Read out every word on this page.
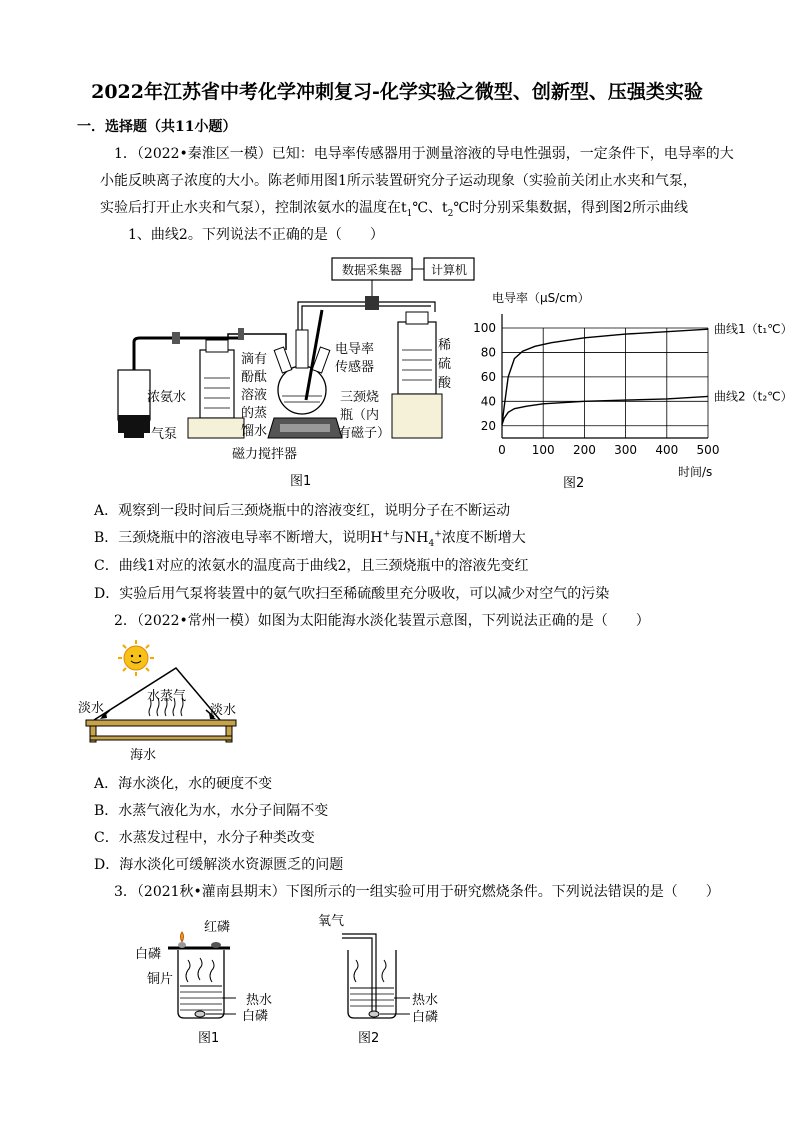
2022年江苏省中考化学冲刺复习-化学实验之微型、创新型、压强类实验
一．选择题（共11小题）
1．（2022•秦淮区一模）已知：电导率传感器用于测量溶液的导电性强弱，一定条件下，电导率的大
小能反映离子浓度的大小。陈老师用图1所示装置研究分子运动现象（实验前关闭止水夹和气泵，
实验后打开止水夹和气泵），控制浓氨水的温度在$t_1℃$、$t_2℃$时分别采集数据，得到图2所示曲线
1、曲线2。下列说法不正确的是（　　）
数据采集器 计算机
浓氨水
气泵
滴有
酚酞
溶液
的蒸
馏水
电导率
传感器
三颈烧
瓶（内
有磁子）
磁力搅拌器
稀
硫
酸
图1
0 100 200 300 400 500
20
40
60
80
100
电导率（μS/cm）
时间/s
曲线1（t₁℃）
曲线2（t₂℃）
图2
A．观察到一段时间后三颈烧瓶中的溶液变红，说明分子在不断运动
B．三颈烧瓶中的溶液电导率不断增大，说明H+与$NH_4^+$浓度不断增大
C．曲线1对应的浓氨水的温度高于曲线2，且三颈烧瓶中的溶液先变红
D．实验后用气泵将装置中的氨气吹扫至稀硫酸里充分吸收，可以减少对空气的污染
2．（2022•常州一模）如图为太阳能海水淡化装置示意图，下列说法正确的是（　　）
淡水	淡水
水蒸气
海水
A．海水淡化，水的硬度不变
B．水蒸气液化为水，水分子间隔不变
C．水蒸发过程中，水分子种类改变
D．海水淡化可缓解淡水资源匮乏的问题
3．（2021秋•灌南县期末）下图所示的一组实验可用于研究燃烧条件。下列说法错误的是（　　）
红磷
白磷
铜片
热水
白磷
图1
氧气
热水
白磷
图2
